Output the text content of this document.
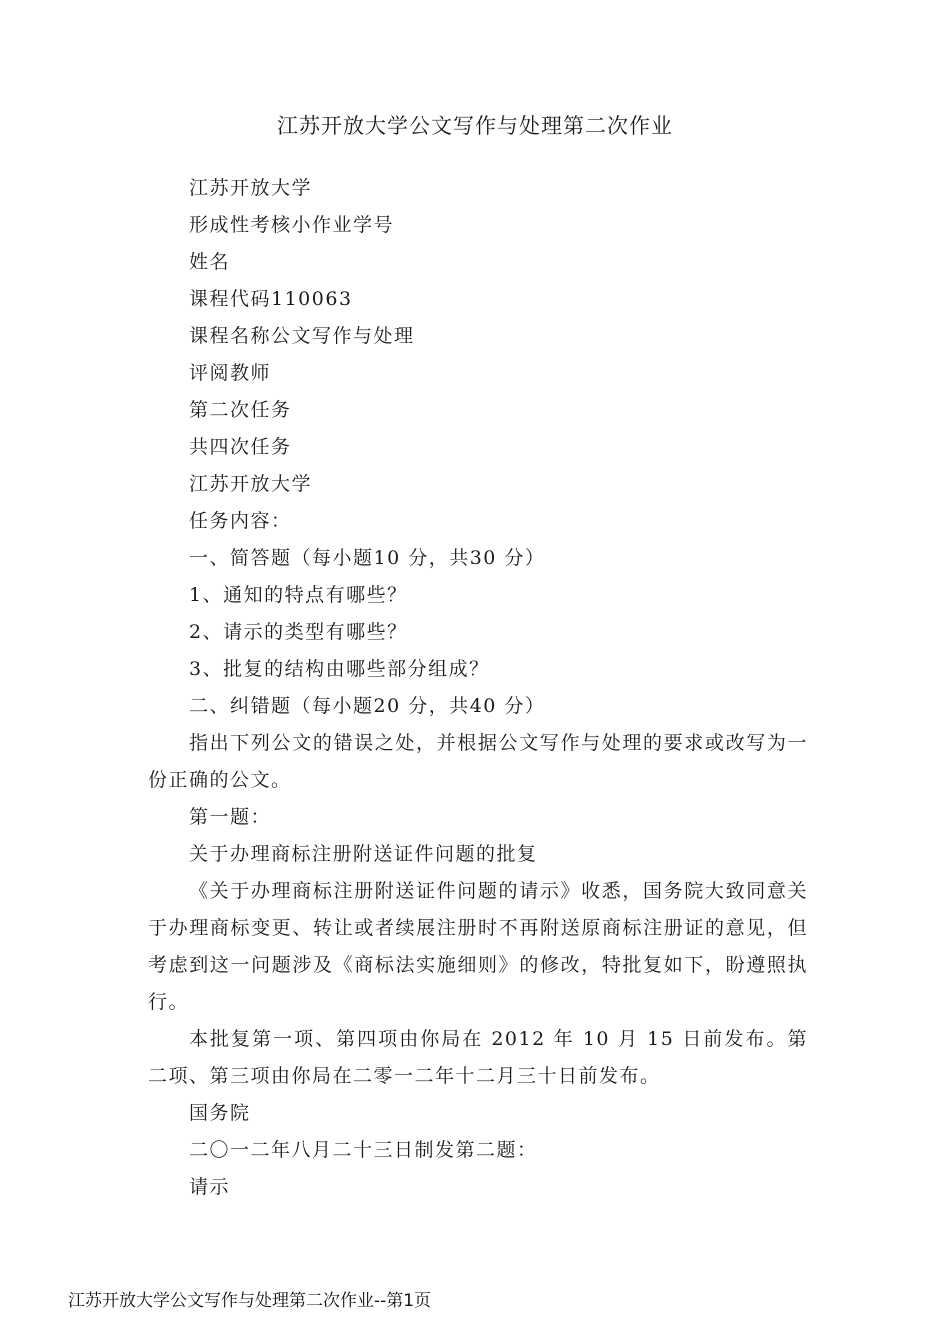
江苏开放大学公文写作与处理第二次作业

江苏开放大学

形成性考核小作业学号

姓名

课程代码110063

课程名称公文写作与处理

评阅教师

第二次任务

共四次任务

江苏开放大学

任务内容：

一、简答题（每小题10 分，共30 分）

1、通知的特点有哪些？

2、请示的类型有哪些？

3、批复的结构由哪些部分组成？

二、纠错题（每小题20 分，共40 分）

指出下列公文的错误之处，并根据公文写作与处理的要求或改写为一份正确的公文。

第一题：

关于办理商标注册附送证件问题的批复

《关于办理商标注册附送证件问题的请示》收悉，国务院大致同意关于办理商标变更、转让或者续展注册时不再附送原商标注册证的意见，但考虑到这一问题涉及《商标法实施细则》的修改，特批复如下，盼遵照执行。

本批复第一项、第四项由你局在 2012 年 10 月 15 日前发布。第二项、第三项由你局在二零一二年十二月三十日前发布。

国务院

二〇一二年八月二十三日制发第二题：

请示

江苏开放大学公文写作与处理第二次作业--第1页
